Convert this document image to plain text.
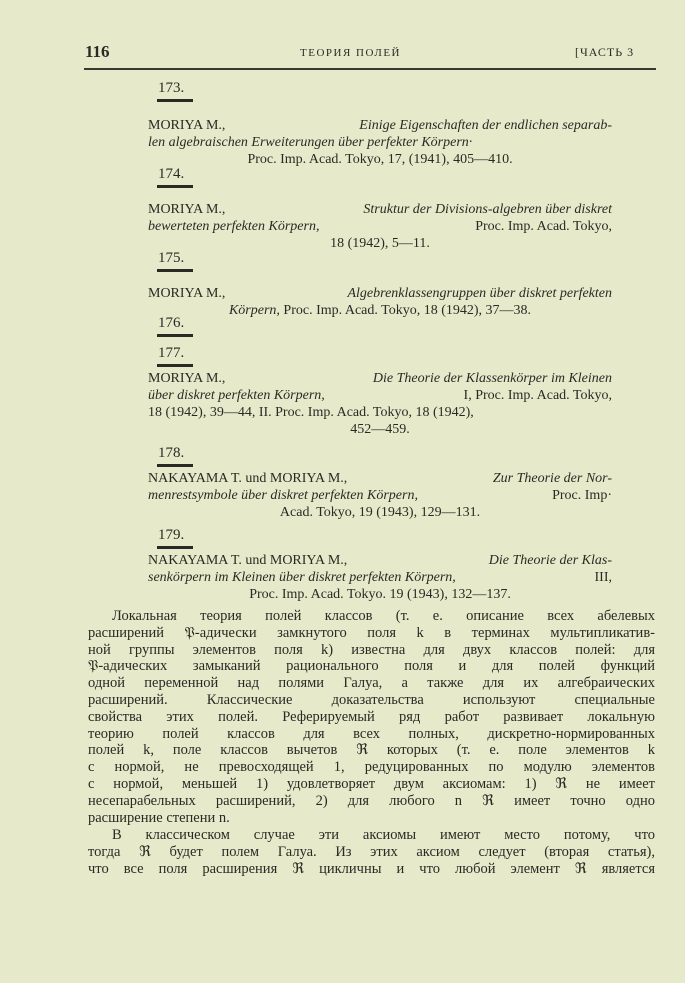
116	ТЕОРИЯ ПОЛЕЙ	[ЧАСТЬ 3
173.
MORIYA M.,	Einige Eigenschaften der endlichen separab-
len algebraischen Erweiterungen über perfekter Körpern·
Proc. Imp. Acad. Tokyo, 17, (1941), 405—410.
174.
MORIYA M.,	Struktur der Divisions-algebren über diskret
bewerteten perfekten Körpern,	Proc. Imp. Acad. Tokyo,
18 (1942), 5—11.
175.
MORIYA M.,	Algebrenklassengruppen über diskret perfekten
Körpern, Proc. Imp. Acad. Tokyo, 18 (1942), 37—38.
176.
177.
MORIYA M.,	Die Theorie der Klassenkörper im Kleinen
über diskret perfekten Körpern,	I, Proc. Imp. Acad. Tokyo,
18 (1942), 39—44, II. Proc. Imp. Acad. Tokyo, 18 (1942),
452—459.
178.
NAKAYAMA T. und MORIYA M.,	Zur Theorie der Nor-
menrestsymbole über diskret perfekten Körpern,	Proc. Imp·
Acad. Tokyo, 19 (1943), 129—131.
179.
NAKAYAMA T. und MORIYA M.,	Die Theorie der Klas-
senkörpern im Kleinen über diskret perfekten Körpern,	III,
Proc. Imp. Acad. Tokyo. 19 (1943), 132—137.
Локальная теория полей классов (т. е. описание всех абелевых
расширений 𝔓-адически замкнутого поля k в терминах мультипликатив-
ной группы элементов поля k) известна для двух классов полей: для
𝔓-адических замыканий рационального поля и для полей функций
одной переменной над полями Галуа, а также для их алгебраических
расширений. Классические доказательства используют специальные
свойства этих полей. Реферируемый ряд работ развивает локальную
теорию полей классов для всех полных, дискретно-нормированных
полей k, поле классов вычетов ℜ которых (т. е. поле элементов k
с нормой, не превосходящей 1, редуцированных по модулю элементов
с нормой, меньшей 1) удовлетворяет двум аксиомам: 1) ℜ не имеет
несепарабельных расширений, 2) для любого n ℜ имеет точно одно
расширение степени n.
В классическом случае эти аксиомы имеют место потому, что
тогда ℜ будет полем Галуа. Из этих аксиом следует (вторая статья),
что все поля расширения ℜ цикличны и что любой элемент ℜ является
